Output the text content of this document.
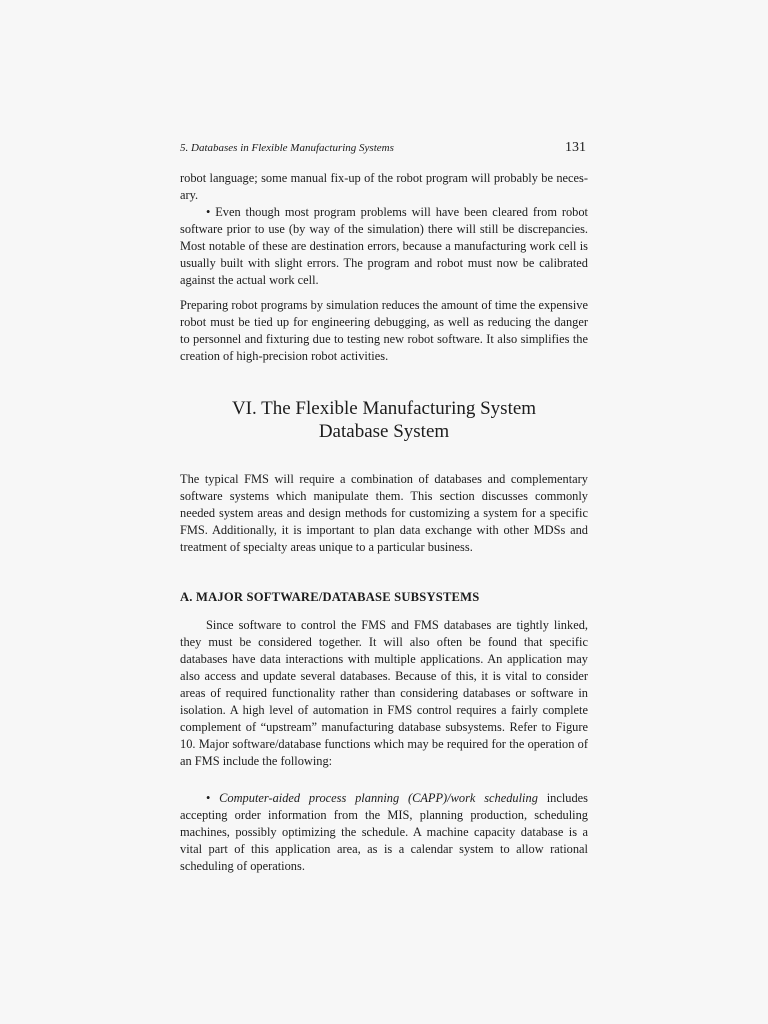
5. Databases in Flexible Manufacturing Systems	131

robot language; some manual fix-up of the robot program will probably be neces-ary.

• Even though most program problems will have been cleared from robot software prior to use (by way of the simulation) there will still be discrepancies. Most notable of these are destination errors, because a manufacturing work cell is usually built with slight errors. The program and robot must now be calibrated against the actual work cell.

Preparing robot programs by simulation reduces the amount of time the expensive robot must be tied up for engineering debugging, as well as reducing the danger to personnel and fixturing due to testing new robot software. It also simplifies the creation of high-precision robot activities.

VI. The Flexible Manufacturing System
Database System

The typical FMS will require a combination of databases and complementary software systems which manipulate them. This section discusses commonly needed system areas and design methods for customizing a system for a specific FMS. Additionally, it is important to plan data exchange with other MDSs and treatment of specialty areas unique to a particular business.

A. MAJOR SOFTWARE/DATABASE SUBSYSTEMS

Since software to control the FMS and FMS databases are tightly linked, they must be considered together. It will also often be found that specific databases have data interactions with multiple applications. An application may also access and update several databases. Because of this, it is vital to consider areas of required functionality rather than considering databases or software in isolation. A high level of automation in FMS control requires a fairly complete complement of “upstream” manufacturing database subsystems. Refer to Figure 10. Major software/database functions which may be required for the operation of an FMS include the following:

• Computer-aided process planning (CAPP)/work scheduling includes accepting order information from the MIS, planning production, scheduling machines, possibly optimizing the schedule. A machine capacity database is a vital part of this application area, as is a calendar system to allow rational scheduling of operations.
